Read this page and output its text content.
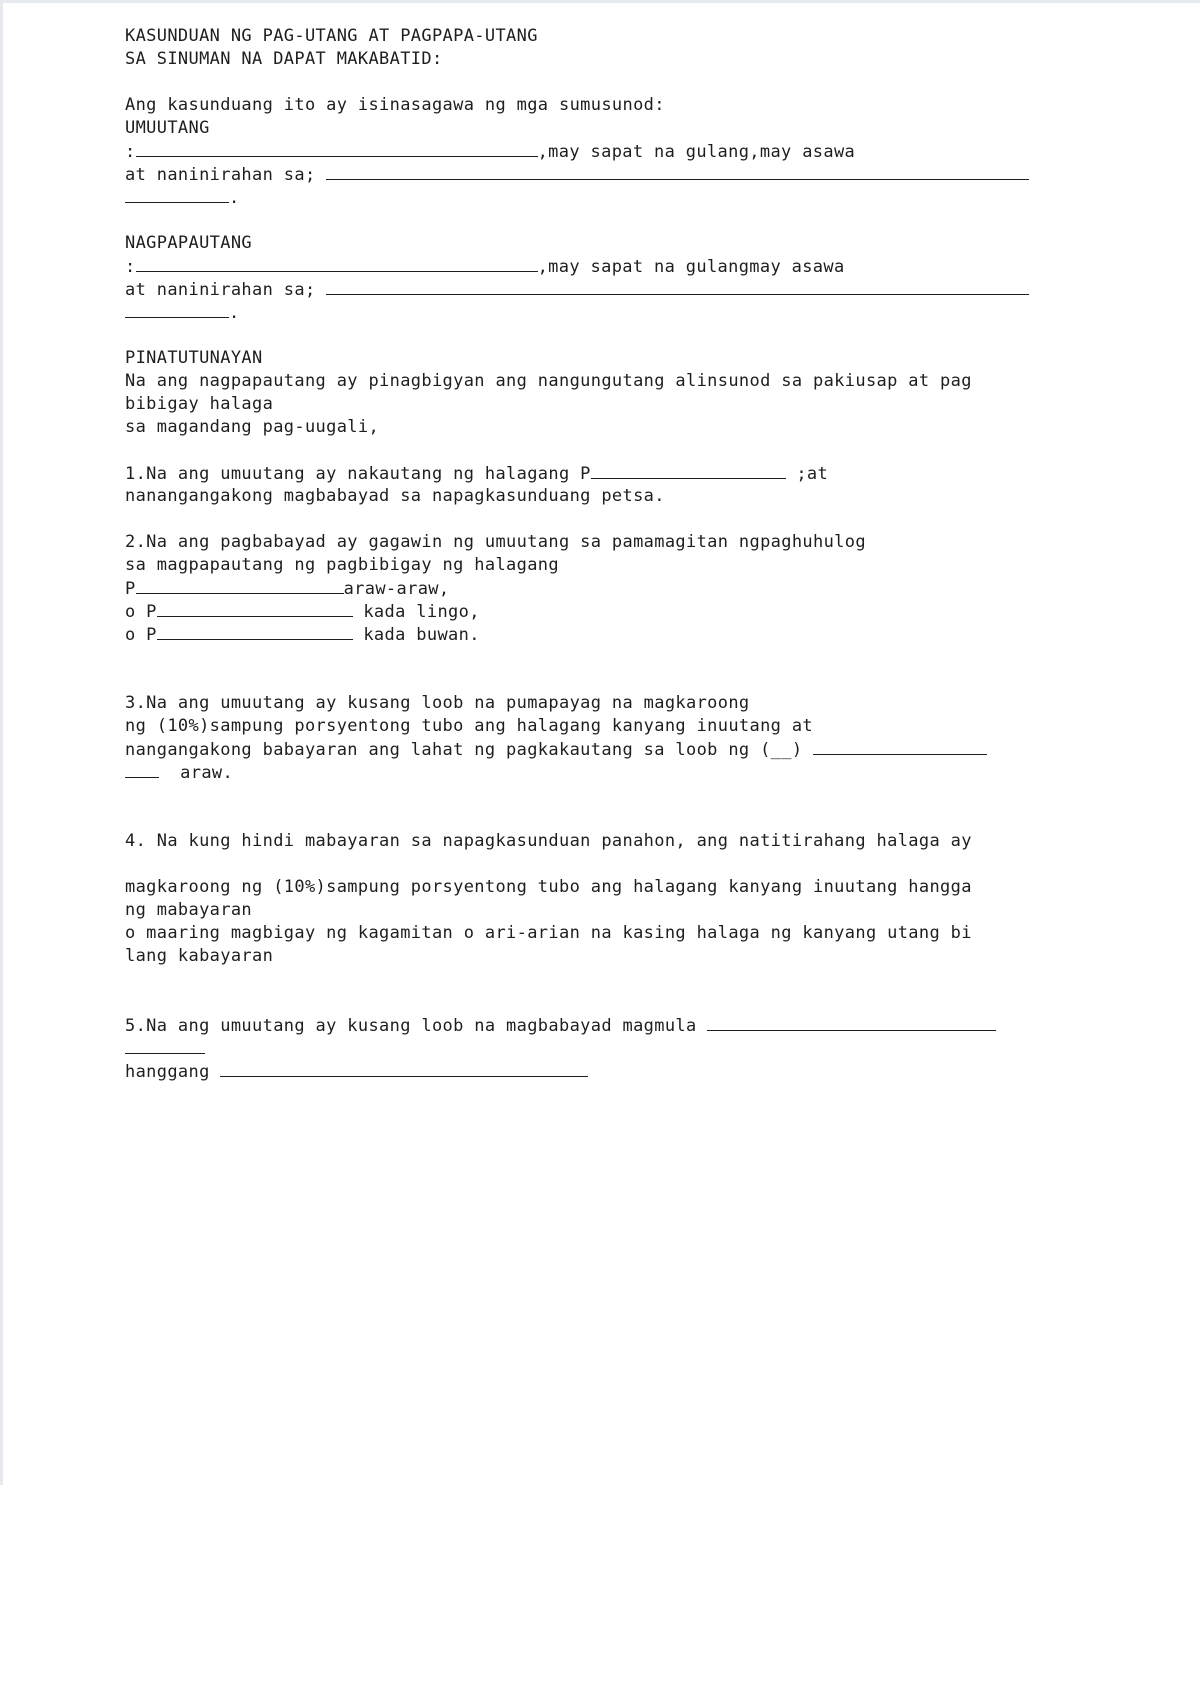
KASUNDUAN NG PAG-UTANG AT PAGPAPA-UTANG
SA SINUMAN NA DAPAT MAKABATID:
Ang kasunduang ito ay isinasagawa ng mga sumusunod:
UMUUTANG
:	,may sapat na gulang,may asawa
at naninirahan sa;
.
NAGPAPAUTANG
:	,may sapat na gulangmay asawa
at naninirahan sa;
.
PINATUTUNAYAN
Na ang nagpapautang ay pinagbigyan ang nangungutang alinsunod sa pakiusap at pag
bibigay halaga
sa magandang pag-uugali,
1.Na ang umuutang ay nakautang ng halagang P	;at
nanangangakong magbabayad sa napagkasunduang petsa.
2.Na ang pagbabayad ay gagawin ng umuutang sa pamamagitan ngpaghuhulog
sa magpapautang ng pagbibigay ng halagang
P	araw-araw,
o P	kada lingo,
o P	kada buwan.
3.Na ang umuutang ay kusang loob na pumapayag na magkaroong
ng (10%)sampung porsyentong tubo ang halagang kanyang inuutang at
nangangakong babayaran ang lahat ng pagkakautang sa loob ng (__)
araw.
4. Na kung hindi mabayaran sa napagkasunduan panahon, ang natitirahang halaga ay
magkaroong ng (10%)sampung porsyentong tubo ang halagang kanyang inuutang hangga
ng mabayaran
o maaring magbigay ng kagamitan o ari-arian na kasing halaga ng kanyang utang bi
lang kabayaran
5.Na ang umuutang ay kusang loob na magbabayad magmula
hanggang
